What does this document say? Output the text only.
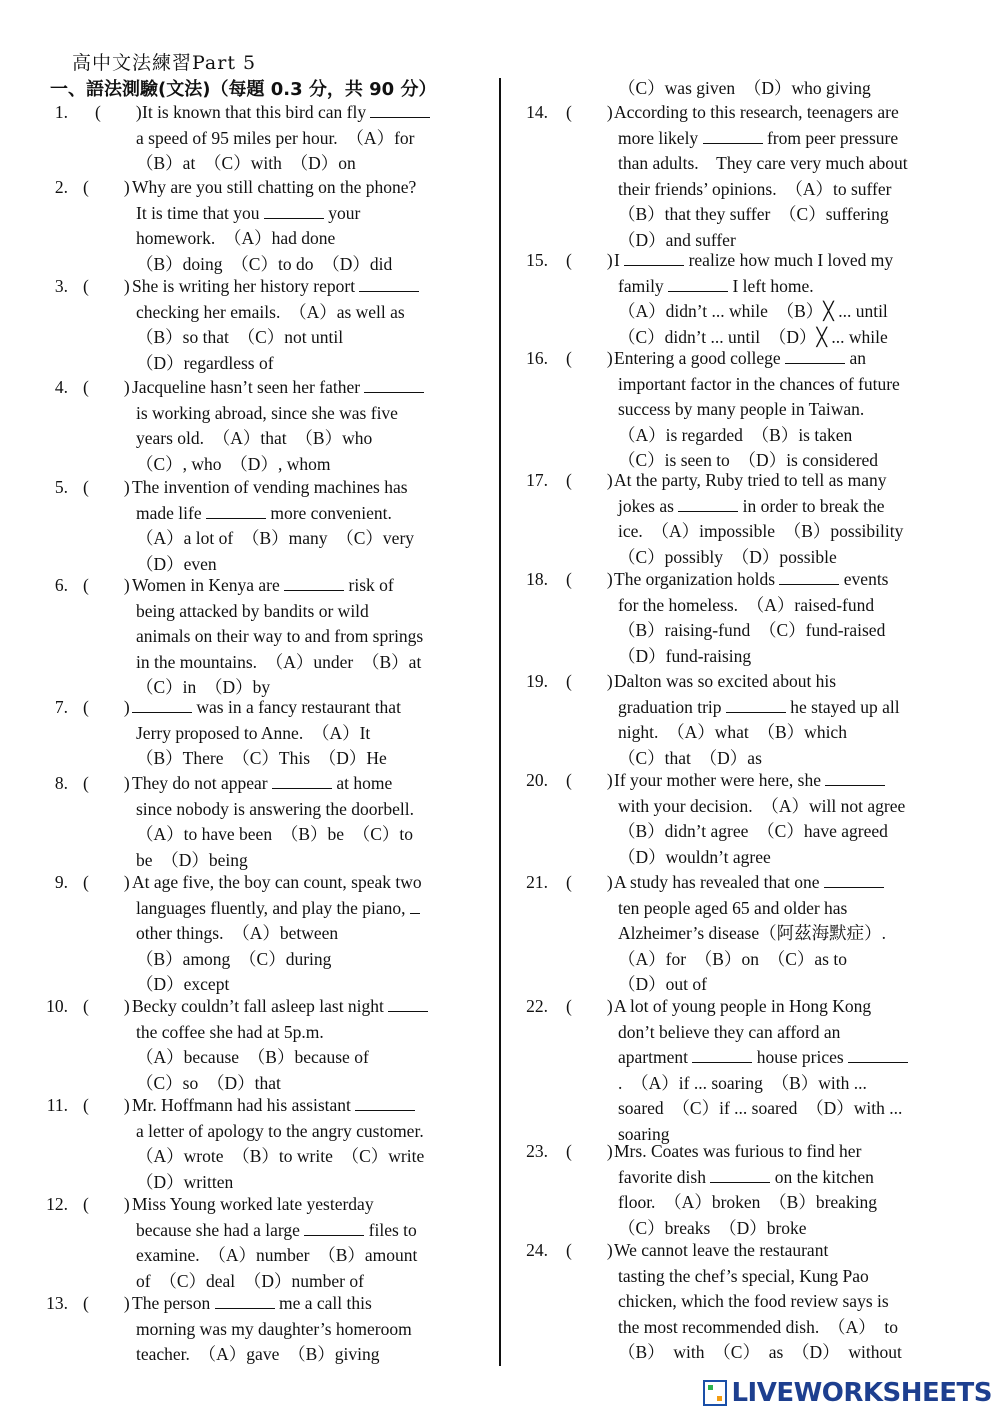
高中文法練習Part 5
一、語法測驗(文法)（每題 0.3 分，共 90 分）
1. (  ) It is known that this bird can fly
a speed of 95 miles per hour.　（A）for
（B）at　（C）with　（D）on
2. (  ) Why are you still chatting on the phone?
It is time that you	your
homework.　（A）had done
（B）doing　（C）to do　（D）did
3. (  ) She is writing her history report
checking her emails.　（A）as well as
（B）so that　（C）not until
（D）regardless of
4. (  ) Jacqueline hasn’t seen her father
is working abroad, since she was five
years old.　（A）that　（B）who
（C）, who　（D）, whom
5. (  ) The invention of vending machines has
made life	more convenient.
（A）a lot of　（B）many　（C）very
（D）even
6. (  ) Women in Kenya are	risk of
being attacked by bandits or wild
animals on their way to and from springs
in the mountains.　（A）under　（B）at
（C）in　（D）by
7. (  )	was in a fancy restaurant that
Jerry proposed to Anne.　（A）It
（B）There　（C）This　（D）He
8. (  ) They do not appear	at home
since nobody is answering the doorbell.
（A）to have been　（B）be　（C）to
be　（D）being
9. (  ) At age five, the boy can count, speak two
languages fluently, and play the piano,
other things.　（A）between
（B）among　（C）during
（D）except
10. (  ) Becky couldn’t fall asleep last night
the coffee she had at 5p.m.
（A）because　（B）because of
（C）so　（D）that
11. (  ) Mr. Hoffmann had his assistant
a letter of apology to the angry customer.
（A）wrote　（B）to write　（C）write
（D）written
12. (  ) Miss Young worked late yesterday
because she had a large	files to
examine.　（A）number　（B）amount
of　（C）deal　（D）number of
13. (  ) The person	me a call this
morning was my daughter’s homeroom
teacher.　（A）gave　（B）giving
14. (  ) According to this research, teenagers are
more likely	from peer pressure
than adults.　They care very much about
their friends’ opinions.　（A）to suffer
（B）that they suffer　（C）suffering
（D）and suffer
15. (  ) I	realize how much I loved my
family	I left home.
（A）didn’t ... while　（B）╳ ... until
（C）didn’t ... until　（D）╳ ... while
16. (  ) Entering a good college	an
important factor in the chances of future
success by many people in Taiwan.
（A）is regarded　（B）is taken
（C）is seen to　（D）is considered
17. (  ) At the party, Ruby tried to tell as many
jokes as	in order to break the
ice.　（A）impossible　（B）possibility
（C）possibly　（D）possible
18. (  ) The organization holds	events
for the homeless.　（A）raised-fund
（B）raising-fund　（C）fund-raised
（D）fund-raising
19. (  ) Dalton was so excited about his
graduation trip	he stayed up all
night.　（A）what　（B）which
（C）that　（D）as
20. (  ) If your mother were here, she
with your decision.　（A）will not agree
（B）didn’t agree　（C）have agreed
（D）wouldn’t agree
21. (  ) A study has revealed that one
ten people aged 65 and older has
Alzheimer’s disease（阿茲海默症）.
（A）for　（B）on　（C）as to
（D）out of
22. (  ) A lot of young people in Hong Kong
don’t believe they can afford an
apartment	house prices
.　（A）if ... soaring　（B）with ...
soared　（C）if ... soared　（D）with ...
soaring
23. (  ) Mrs. Coates was furious to find her
favorite dish	on the kitchen
floor.　（A）broken　（B）breaking
（C）breaks　（D）broke
24. (  ) We cannot leave the restaurant
tasting the chef’s special, Kung Pao
chicken, which the food review says is
the most recommended dish.　（A）　to
（B）　with　（C）　as　（D）　without
（C）was given　（D）who giving
LIVEWORKSHEETS
